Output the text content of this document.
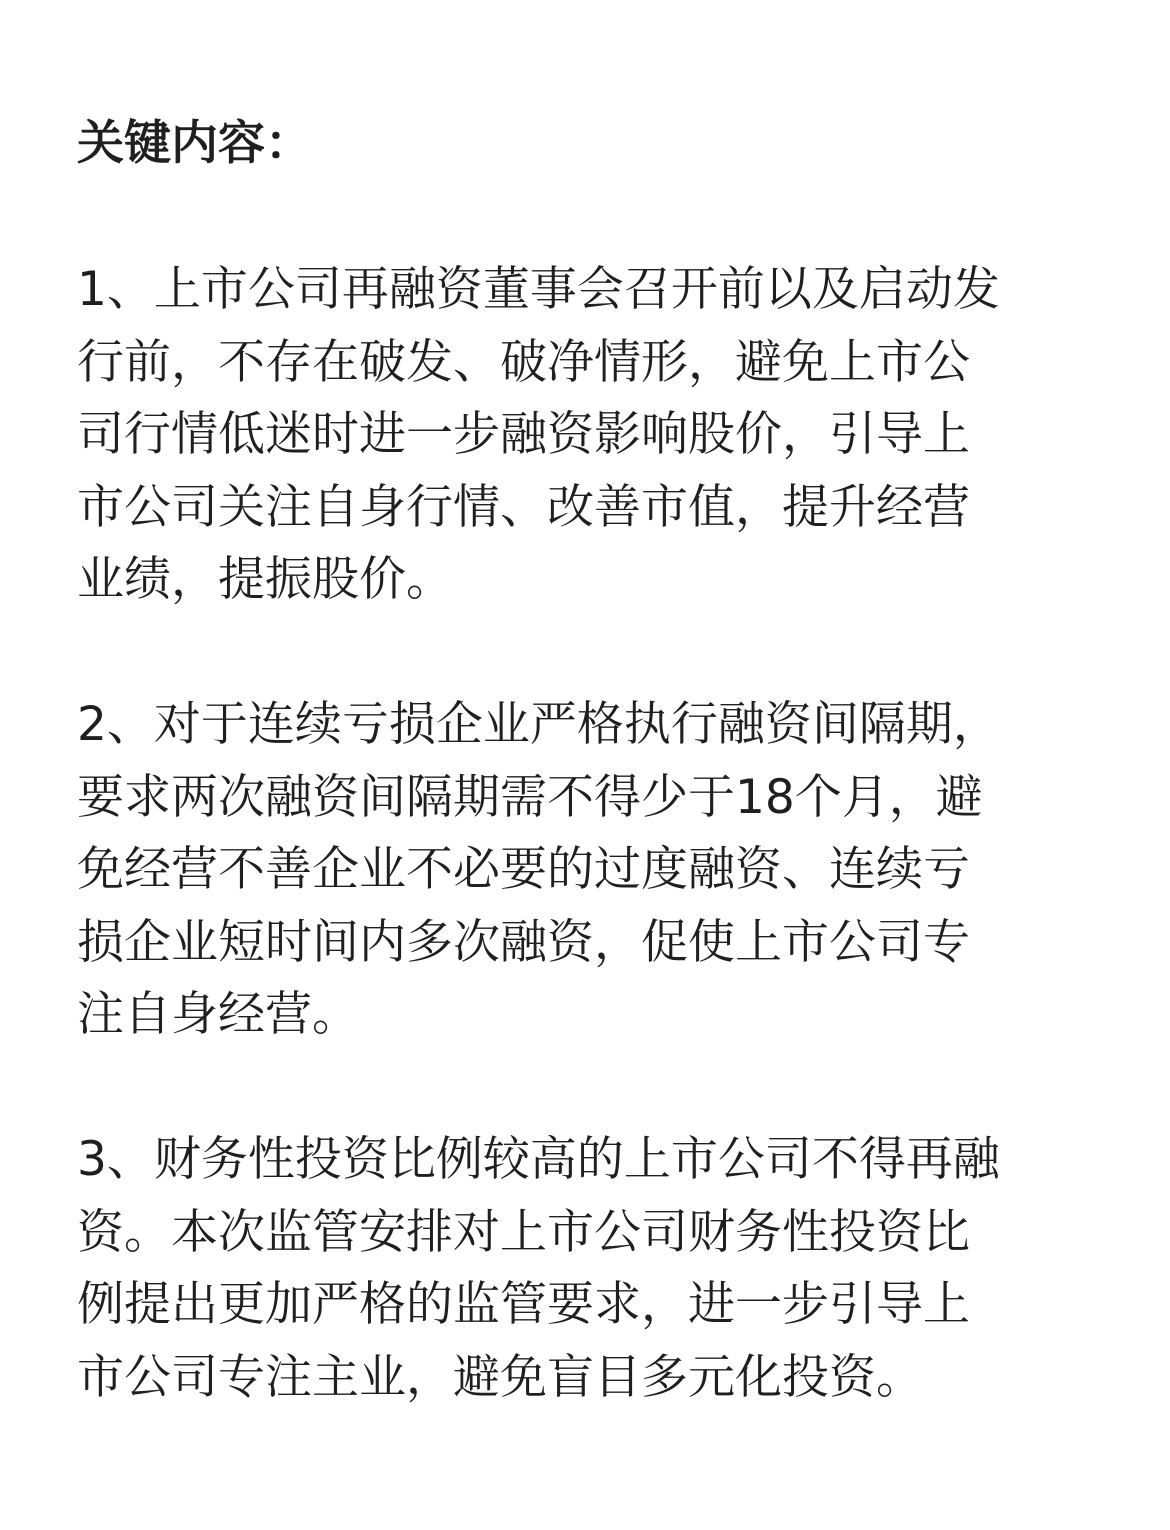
关键内容：

1、上市公司再融资董事会召开前以及启动发
行前，不存在破发、破净情形，避免上市公
司行情低迷时进一步融资影响股价，引导上
市公司关注自身行情、改善市值，提升经营
业绩，提振股价。

2、对于连续亏损企业严格执行融资间隔期，
要求两次融资间隔期需不得少于18个月，避
免经营不善企业不必要的过度融资、连续亏
损企业短时间内多次融资，促使上市公司专
注自身经营。

3、财务性投资比例较高的上市公司不得再融
资。本次监管安排对上市公司财务性投资比
例提出更加严格的监管要求，进一步引导上
市公司专注主业，避免盲目多元化投资。
